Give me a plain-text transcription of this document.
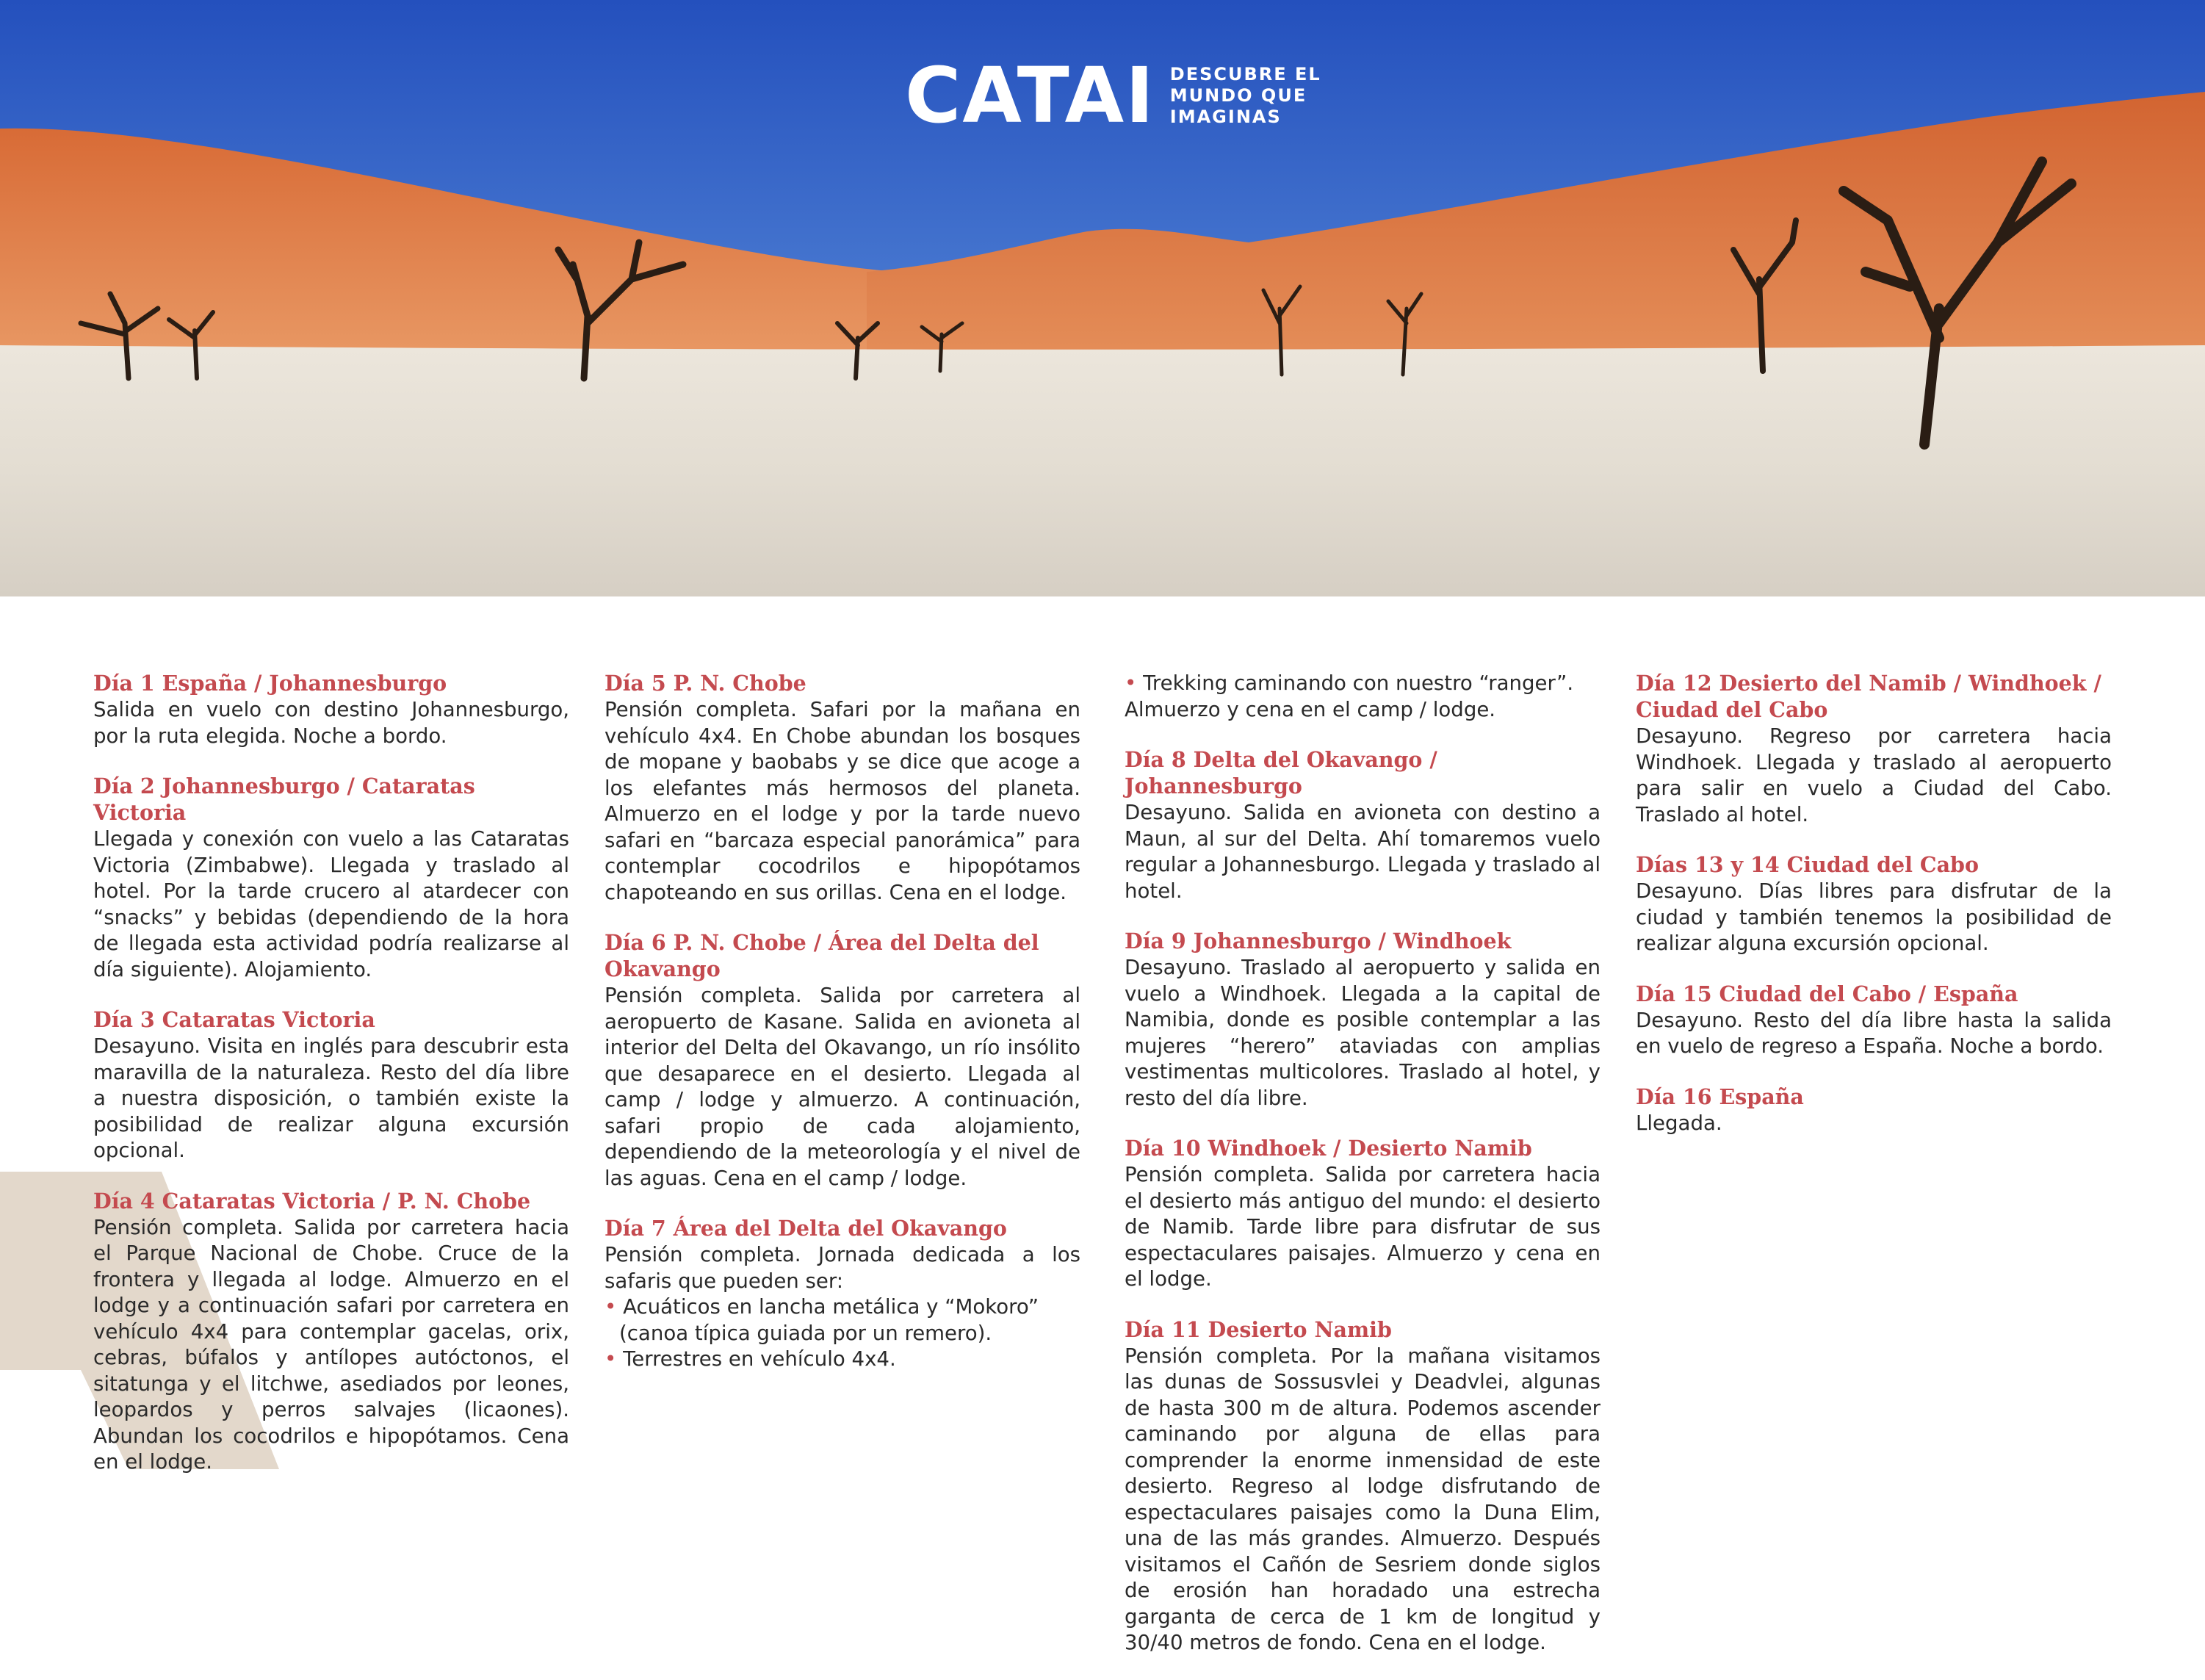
CATAI DESCUBRE EL
MUNDO QUE
IMAGINAS
Día 1 España / Johannesburgo
Salida en vuelo con destino Johannesburgo, por la ruta elegida. Noche a bordo.
Día 2 Johannesburgo / Cataratas Victoria
Llegada y conexión con vuelo a las Cataratas Victoria (Zimbabwe). Llegada y traslado al hotel. Por la tarde crucero al atardecer con “snacks” y bebidas (dependiendo de la hora de llegada esta actividad podría realizarse al día siguiente). Alojamiento.
Día 3 Cataratas Victoria
Desayuno. Visita en inglés para descubrir esta maravilla de la naturaleza. Resto del día libre a nuestra disposición, o también existe la posibilidad de realizar alguna excursión opcional.
Día 4 Cataratas Victoria / P. N. Chobe
Pensión completa. Salida por carretera hacia el Parque Nacional de Chobe. Cruce de la frontera y llegada al lodge. Almuerzo en el lodge y a continuación safari por carretera en vehículo 4x4 para contemplar gacelas, orix, cebras, búfalos y antílopes autóctonos, el sitatunga y el litchwe, asediados por leones, leopardos y perros salvajes (licaones). Abundan los cocodrilos e hipopótamos. Cena en el lodge.
Día 5 P. N. Chobe
Pensión completa. Safari por la mañana en vehículo 4x4. En Chobe abundan los bosques de mopane y baobabs y se dice que acoge a los elefantes más hermosos del planeta. Almuerzo en el lodge y por la tarde nuevo safari en “barcaza especial panorámica” para contemplar cocodrilos e hipopótamos chapoteando en sus orillas. Cena en el lodge.
Día 6 P. N. Chobe / Área del Delta del Okavango
Pensión completa. Salida por carretera al aeropuerto de Kasane. Salida en avioneta al interior del Delta del Okavango, un río insólito que desaparece en el desierto. Llegada al camp / lodge y almuerzo. A continuación, safari propio de cada alojamiento, dependiendo de la meteorología y el nivel de las aguas. Cena en el camp / lodge.
Día 7 Área del Delta del Okavango
Pensión completa. Jornada dedicada a los safaris que pueden ser:
• Acuáticos en lancha metálica y “Mokoro” (canoa típica guiada por un remero).
• Terrestres en vehículo 4x4.
• Trekking caminando con nuestro “ranger”.
Almuerzo y cena en el camp / lodge.
Día 8 Delta del Okavango / Johannesburgo
Desayuno. Salida en avioneta con destino a Maun, al sur del Delta. Ahí tomaremos vuelo regular a Johannesburgo. Llegada y traslado al hotel.
Día 9 Johannesburgo / Windhoek
Desayuno. Traslado al aeropuerto y salida en vuelo a Windhoek. Llegada a la capital de Namibia, donde es posible contemplar a las mujeres “herero” ataviadas con amplias vestimentas multicolores. Traslado al hotel, y resto del día libre.
Día 10 Windhoek / Desierto Namib
Pensión completa. Salida por carretera hacia el desierto más antiguo del mundo: el desierto de Namib. Tarde libre para disfrutar de sus espectaculares paisajes. Almuerzo y cena en el lodge.
Día 11 Desierto Namib
Pensión completa. Por la mañana visitamos las dunas de Sossusvlei y Deadvlei, algunas de hasta 300 m de altura. Podemos ascender caminando por alguna de ellas para comprender la enorme inmensidad de este desierto. Regreso al lodge disfrutando de espectaculares paisajes como la Duna Elim, una de las más grandes. Almuerzo. Después visitamos el Cañón de Sesriem donde siglos de erosión han horadado una estrecha garganta de cerca de 1 km de longitud y 30/40 metros de fondo. Cena en el lodge.
Día 12 Desierto del Namib / Windhoek / Ciudad del Cabo
Desayuno. Regreso por carretera hacia Windhoek. Llegada y traslado al aeropuerto para salir en vuelo a Ciudad del Cabo. Traslado al hotel.
Días 13 y 14 Ciudad del Cabo
Desayuno. Días libres para disfrutar de la ciudad y también tenemos la posibilidad de realizar alguna excursión opcional.
Día 15 Ciudad del Cabo / España
Desayuno. Resto del día libre hasta la salida en vuelo de regreso a España. Noche a bordo.
Día 16 España
Llegada.
